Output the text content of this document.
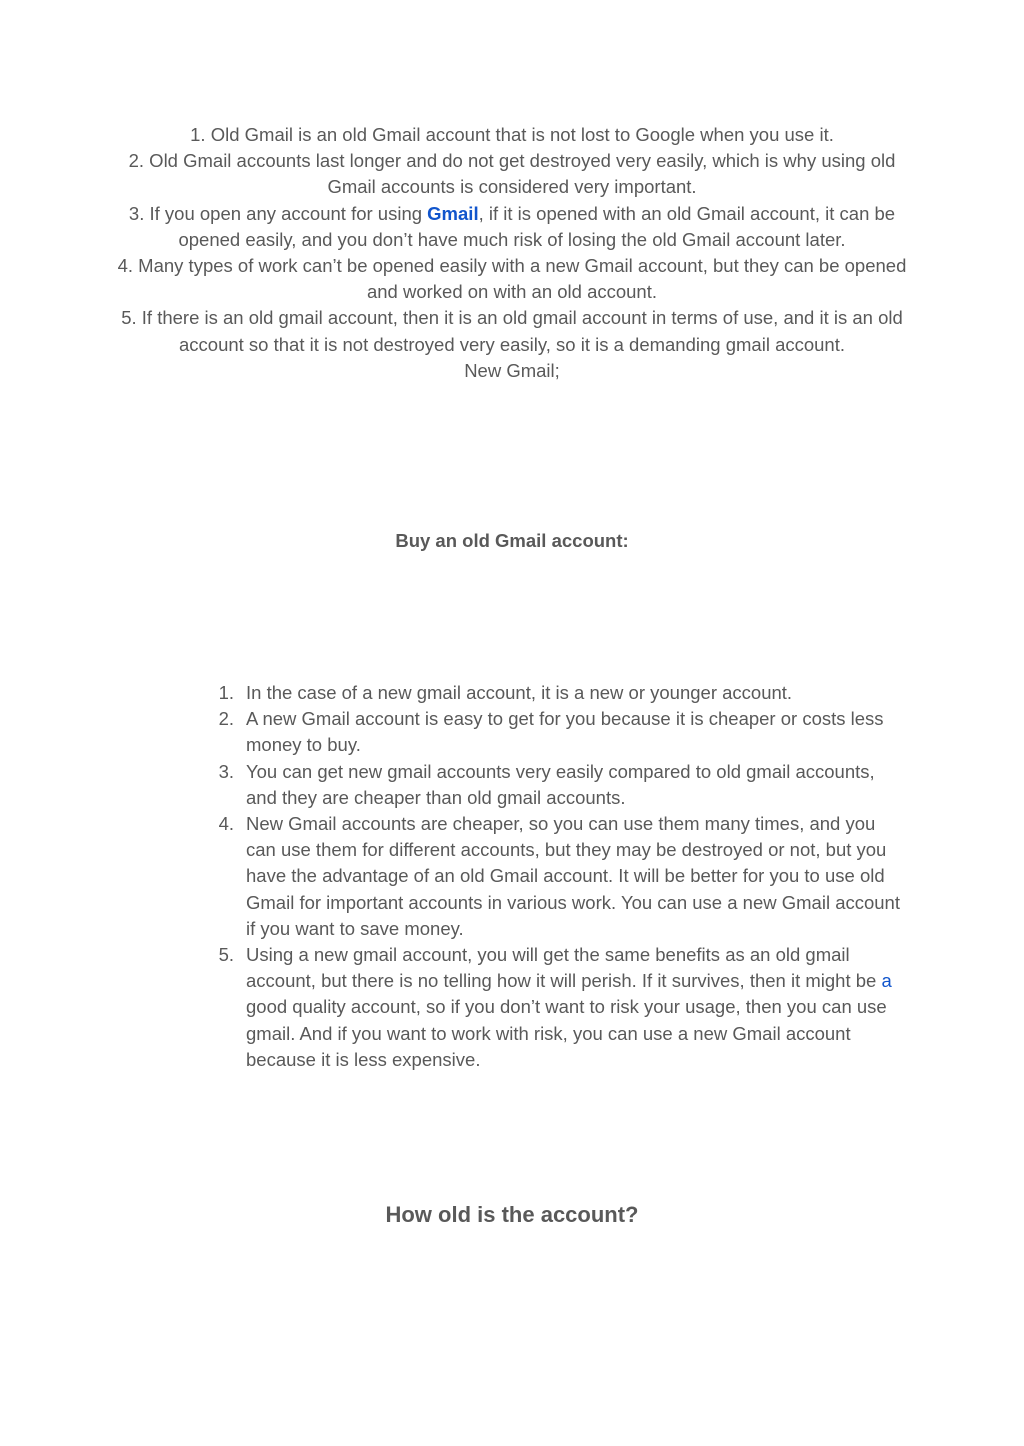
1. Old Gmail is an old Gmail account that is not lost to Google when you use it.

2. Old Gmail accounts last longer and do not get destroyed very easily, which is why using old Gmail accounts is considered very important.

3. If you open any account for using Gmail, if it is opened with an old Gmail account, it can be opened easily, and you don’t have much risk of losing the old Gmail account later.

4. Many types of work can’t be opened easily with a new Gmail account, but they can be opened and worked on with an old account.

5. If there is an old gmail account, then it is an old gmail account in terms of use, and it is an old account so that it is not destroyed very easily, so it is a demanding gmail account.

New Gmail;

Buy an old Gmail account:
1. In the case of a new gmail account, it is a new or younger account.
2. A new Gmail account is easy to get for you because it is cheaper or costs less money to buy.
3. You can get new gmail accounts very easily compared to old gmail accounts, and they are cheaper than old gmail accounts.
4. New Gmail accounts are cheaper, so you can use them many times, and you can use them for different accounts, but they may be destroyed or not, but you have the advantage of an old Gmail account. It will be better for you to use old Gmail for important accounts in various work. You can use a new Gmail account if you want to save money.
5. Using a new gmail account, you will get the same benefits as an old gmail account, but there is no telling how it will perish. If it survives, then it might be a good quality account, so if you don’t want to risk your usage, then you can use gmail. And if you want to work with risk, you can use a new Gmail account because it is less expensive.
How old is the account?
